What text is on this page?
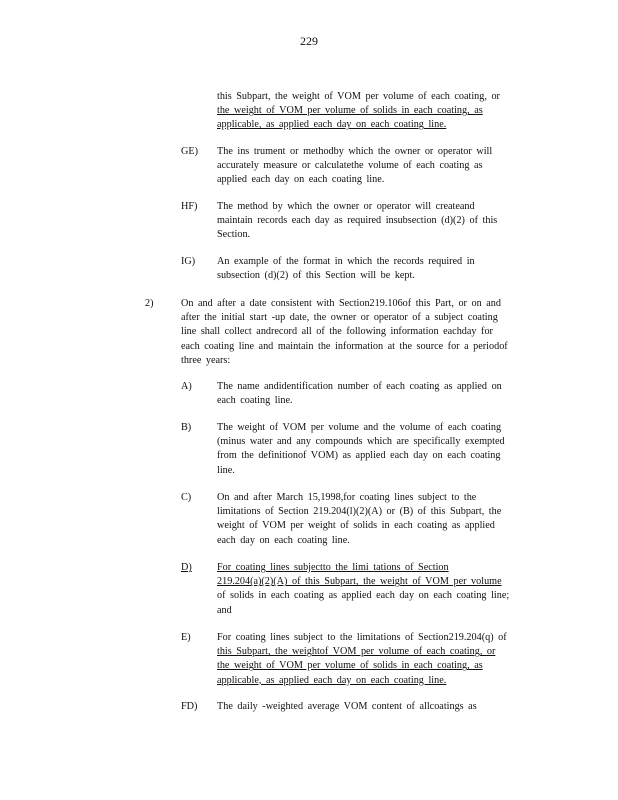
229
this Subpart, the weight of VOM per volume of each coating, or
the weight of VOM per volume of solids in each coating, as
applicable, as applied each day on each coating line.
GE) The ins trument or methodby which the owner or operator will
accurately measure or calculatethe volume of each coating as
applied each day on each coating line.
HF) The method by which the owner or operator will createand
maintain records each day as required insubsection (d)(2) of this
Section.
IG) An example of the format in which the records required in
subsection (d)(2) of this Section will be kept.
2)	On and after a date consistent with Section219.106of this Part, or on and
after the initial start -up date, the owner or operator of a subject coating
line shall collect andrecord all of the following information eachday for
each coating line and maintain the information at the source for a periodof
three years:
A) The name andidentification number of each coating as applied on
each coating line.
B)	The weight of VOM per volume and the volume of each coating
(minus water and any compounds which are specifically exempted
from the definitionof VOM) as applied each day on each coating
line.
C)	On and after March 15,1998,for coating lines subject to the
limitations of Section 219.204(l)(2)(A) or (B) of this Subpart, the
weight of VOM per weight of solids in each coating as applied
each day on each coating line.
D) For coating lines subjectto the limi tations of Section
219.204(a)(2)(A) of this Subpart, the weight of VOM per volume
of solids in each coating as applied each day on each coating line;
and
E)	For coating lines subject to the limitations of Section219.204(q) of
this Subpart, the weightof VOM per volume of each coating, or
the weight of VOM per volume of solids in each coating, as
applicable, as applied each day on each coating line.
FD) The daily -weighted average VOM content of allcoatings as
